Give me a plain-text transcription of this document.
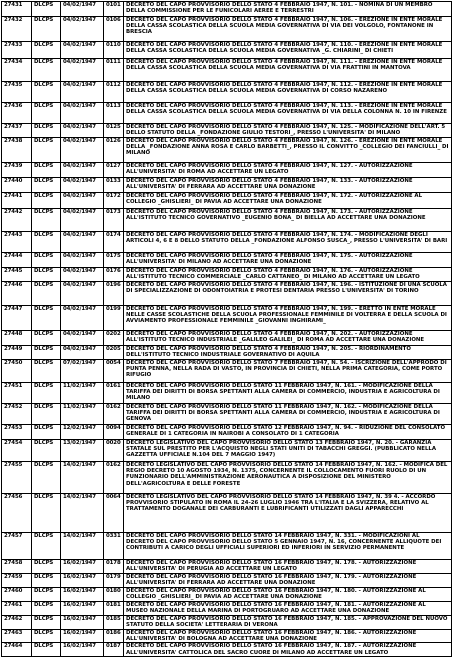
27431	DLCPS	04/02/1947	0101	DECRETO DEL CAPO PROVVISORIO DELLO STATO 4 FEBBRAIO 1947, N. 101. - NOMINA DI UN MEMBRO DELLA COMMISSIONE PER LE FUNICOLARI AEREE E TERRESTRI
27432	DLCPS	04/02/1947	0106	DECRETO DEL CAPO PROVVISORIO DELLO STATO 4 FEBBRAIO 1947, N. 106. - EREZIONE IN ENTE MORALE DELLA CASSA SCOLASTICA DELLA SCUOLA MEDIA GOVERNATIVA DI VIA DEI VOLGOLO, FONTANONE IN BRESCIA
27433	DLCPS	04/02/1947	0110	DECRETO DEL CAPO PROVVISORIO DELLO STATO 4 FEBBRAIO 1947, N. 110. - EREZIONE IN ENTE MORALE DELLA CASSA SCOLASTICA DELLA SCUOLA MEDIA GOVERNATIVA _G. CHIARINI_ DI CHIETI
27434	DLCPS	04/02/1947	0111	DECRETO DEL CAPO PROVVISORIO DELLO STATO 4 FEBBRAIO 1947, N. 111. - EREZIONE IN ENTE MORALE DELLA CASSA SCOLASTICA DELLA SCUOLA MEDIA GOVERNATIVA DI VIA FRATTINI IN MANTOVA
27435	DLCPS	04/02/1947	0112	DECRETO DEL CAPO PROVVISORIO DELLO STATO 4 FEBBRAIO 1947, N. 112. - EREZIONE IN ENTE MORALE DELLA CASSA SCOLASTICA DELLA SCUOLA MEDIA GOVERNATIVA DI CORSO NAZARENO
27436	DLCPS	04/02/1947	0113	DECRETO DEL CAPO PROVVISORIO DELLO STATO 4 FEBBRAIO 1947, N. 113. - EREZIONE IN ENTE MORALE DELLA CASSA SCOLASTICA DELLA SCUOLA MEDIA GOVERNATIVA DI VIA DELLA COLONNA N. 10 IN FIRENZE
27437	DLCPS	04/02/1947	0125	DECRETO DEL CAPO PROVVISORIO DELLO STATO 4 FEBBRAIO 1947, N. 125. - MODIFICAZIONE DELL'ART. 5 DELLO STATUTO DELLA _FONDAZIONE GIULIO TESTORI_, PRESSO L'UNIVERSITA' DI MILANO
27438	DLCPS	04/02/1947	0126	DECRETO DEL CAPO PROVVISORIO DELLO STATO 4 FEBBRAIO 1947, N. 126. - EREZIONE IN ENTE MORALE DELLA _FONDAZIONE ANNA ROSA E CARLO BARBETTI_, PRESSO IL CONVITTO _COLLEGIO DEI FANCIULLI_ DI MILANO
27439	DLCPS	04/02/1947	0127	DECRETO DEL CAPO PROVVISORIO DELLO STATO 4 FEBBRAIO 1947, N. 127. - AUTORIZZAZIONE ALL'UNIVERSITA' DI ROMA AD ACCETTARE UN LEGATO
27440	DLCPS	04/02/1947	0133	DECRETO DEL CAPO PROVVISORIO DELLO STATO 4 FEBBRAIO 1947, N. 133. - AUTORIZZAZIONE ALL'UNIVERSITA' DI FERRARA AD ACCETTARE UNA DONAZIONE
27441	DLCPS	04/02/1947	0172	DECRETO DEL CAPO PROVVISORIO DELLO STATO 4 FEBBRAIO 1947, N. 172. - AUTORIZZAZIONE AL COLLEGIO _GHISLIERI_ DI PAVIA AD ACCETTARE UNA DONAZIONE
27442	DLCPS	04/02/1947	0173	DECRETO DEL CAPO PROVVISORIO DELLO STATO 4 FEBBRAIO 1947, N. 173. - AUTORIZZAZIONE ALL'ISTITUTO TECNICO GOVERNATIVO _EUGENIO BONA_ DI BIELLA AD ACCETTARE UNA DONAZIONE
27443	DLCPS	04/02/1947	0174	DECRETO DEL CAPO PROVVISORIO DELLO STATO 4 FEBBRAIO 1947, N. 174. - MODIFICAZIONE DEGLI ARTICOLI 4, 6 E 8 DELLO STATUTO DELLA _FONDAZIONE ALFONSO SUSCA_, PRESSO L'UNIVERSITA' DI BARI
27444	DLCPS	04/02/1947	0175	DECRETO DEL CAPO PROVVISORIO DELLO STATO 4 FEBBRAIO 1947, N. 175. - AUTORIZZAZIONE ALL'UNIVERSITA' DI MILANO AD ACCETTARE UNA DONAZIONE
27445	DLCPS	04/02/1947	0176	DECRETO DEL CAPO PROVVISORIO DELLO STATO 4 FEBBRAIO 1947, N. 176. - AUTORIZZAZIONE ALL'ISTITUTO TECNICO COMMERCIALE _CARLO CATTANEO_ DI MILANO AD ACCETTARE UN LEGATO
27446	DLCPS	04/02/1947	0196	DECRETO DEL CAPO PROVVISORIO DELLO STATO 4 FEBBRAIO 1947, N. 196. - ISTITUZIONE DI UNA SCUOLA DI SPECIALIZZAZIONE DI ODONTOIATRIA E PROTESI DENTARIA PRESSO L'UNIVERSITA' DI TORINO
27447	DLCPS	04/02/1947	0199	DECRETO DEL CAPO PROVVISORIO DELLO STATO 4 FEBBRAIO 1947, N. 199. - ERETTO IN ENTE MORALE NELLE CASSE SCOLASTICHE DELLA SCUOLA PROFESSIONALE FEMMINILE DI VOLTERRA E DELLA SCUOLA DI AVVIAMENTO PROFESSIONALE FEMMINILE _GIOVANNI INGHIRAMI_
27448	DLCPS	04/02/1947	0202	DECRETO DEL CAPO PROVVISORIO DELLO STATO 4 FEBBRAIO 1947, N. 202. - AUTORIZZAZIONE ALL'ISTITUTO TECNICO INDUSTRIALE _GALILEO GALILEI_ DI ROMA AD ACCETTARE UNA DONAZIONE
27449	DLCPS	04/02/1947	0205	DECRETO DEL CAPO PROVVISORIO DELLO STATO 4 FEBBRAIO 1947, N. 205. - RIORDINAMENTO DELL'ISTITUTO TECNICO INDUSTRIALE GOVERNATIVO DI AQUILA
27450	DLCPS	07/02/1947	0054	DECRETO DEL CAPO PROVVISORIO DELLO STATO 7 FEBBRAIO 1947, N. 54. - ISCRIZIONE DELL'APPRODO DI PUNTA PENNA, NELLA RADA DI VASTO, IN PROVINCIA DI CHIETI, NELLA PRIMA CATEGORIA, COME PORTO RIFUGIO
27451	DLCPS	11/02/1947	0161	DECRETO DEL CAPO PROVVISORIO DELLO STATO 11 FEBBRAIO 1947, N. 161. - MODIFICAZIONE DELLA TARIFFA DEI DIRITTI DI BORSA SPETTANTI ALLA CAMERA DI COMMERCIO, INDUSTRIA E AGRICOLTURA DI MILANO
27452	DLCPS	11/02/1947	0162	DECRETO DEL CAPO PROVVISORIO DELLO STATO 11 FEBBRAIO 1947, N. 162. - MODIFICAZIONE DELLA TARIFFA DEI DIRITTI DI BORSA SPETTANTI ALLA CAMERA DI COMMERCIO, INDUSTRIA E AGRICOLTURA DI GENOVA
27453	DLCPS	12/02/1947	0094	DECRETO DEL CAPO PROVVISORIO DELLO STATO 12 FEBBRAIO 1947, N. 94. - RIDUZIONE DEL CONSOLATO GENERALE DI 1 CATEGORIA IN NAIROBI A CONSOLATO DI 1 CATEGORIA
27454	DLCPS	13/02/1947	0020	DECRETO LEGISLATIVO DEL CAPO PROVVISORIO DELLO STATO 13 FEBBRAIO 1947, N. 20. - GARANZIA STATALE SUL PRESTITO PER L'ACQUISTO NEGLI STATI UNITI DI TABACCHI GREGGI. (PUBBLICATO NELLA GAZZETTA UFFICIALE N.104 DEL 7 MAGGIO 1947)
27455	DLCPS	14/02/1947	0162	DECRETO LEGISLATIVO DEL CAPO PROVVISORIO DELLO STATO 14 FEBBRAIO 1947, N. 162. - MODIFICA DEL REGIO DECRETO 10 AGOSTO 1934, N. 1375, CONCERNENTE IL COLLOCAMENTO FUORI RUOLO DI UN FUNZIONARIO DELL'AMMINISTRAZIONE AERONAUTICA A DISPOSIZIONE DEL MINISTERO DELL'AGRICOLTURA E DELLE FORESTE
27456	DLCPS	14/02/1947	0064	DECRETO LEGISLATIVO DEL CAPO PROVVISORIO DELLO STATO 14 FEBBRAIO 1947, N. 39 4. - ACCORDO PROVVISORIO STIPULATO IN ROMA IL 24-26 LUGLIO 1946 TRA L'ITALIA E LA SVIZZERA, RELATIVO AL TRATTAMENTO DOGANALE DEI CARBURANTI E LUBRIFICANTI UTILIZZATI DAGLI APPARECCHI
27457	DLCPS	14/02/1947	0331	DECRETO DEL CAPO PROVVISORIO DELLO STATO 14 FEBBRAIO 1947, N. 331. - MODIFICAZIONI AL DECRETO DEL CAPO PROVVISORIO DELLO STATO 5 GENNAIO 1947, N. 16, CONCERNENTE ALLIQUOTE DEI CONTRIBUTI A CARICO DEGLI UFFICIALI SUPERIORI ED INFERIORI IN SERVIZIO PERMANENTE
27458	DLCPS	16/02/1947	0178	DECRETO DEL CAPO PROVVISORIO DELLO STATO 16 FEBBRAIO 1947, N. 178. - AUTORIZZAZIONE ALL'UNIVERSITA' DI PERUGIA AD ACCETTARE UN LEGATO
27459	DLCPS	16/02/1947	0179	DECRETO DEL CAPO PROVVISORIO DELLO STATO 16 FEBBRAIO 1947, N. 179. - AUTORIZZAZIONE ALL'UNIVERSITA' DI FERRARA AD ACCETTARE UNA DONAZIONE
27460	DLCPS	16/02/1947	0180	DECRETO DEL CAPO PROVVISORIO DELLO STATO 16 FEBBRAIO 1947, N. 180. - AUTORIZZAZIONE AL COLLEGIO _GHISLIERI_ DI PAVIA AD ACCETTARE UNA DONAZIONE
27461	DLCPS	16/02/1947	0181	DECRETO DEL CAPO PROVVISORIO DELLO STATO 16 FEBBRAIO 1947, N. 181. - AUTORIZZAZIONE AL MUSEO NAZIONALE DELLA MARINA DI PORTOGRUARO AD ACCETTARE UNA DONAZIONE
27462	DLCPS	16/02/1947	0185	DECRETO DEL CAPO PROVVISORIO DELLO STATO 16 FEBBRAIO 1947, N. 185. - APPROVAZIONE DEL NUOVO STATUTO DELLA SOCIETA' LETTERARIA DI VERONA
27463	DLCPS	16/02/1947	0186	DECRETO DEL CAPO PROVVISORIO DELLO STATO 16 FEBBRAIO 1947, N. 186. - AUTORIZZAZIONE ALL'UNIVERSITA' DI BOLOGNA AD ACCETTARE UNA DONAZIONE
27464	DLCPS	16/02/1947	0187	DECRETO DEL CAPO PROVVISORIO DELLO STATO 16 FEBBRAIO 1947, N. 187. - AUTORIZZAZIONE ALL'UNIVERSITA' CATTOLICA DEL SACRO CUORE DI MILANO AD ACCETTARE UN LEGATO
